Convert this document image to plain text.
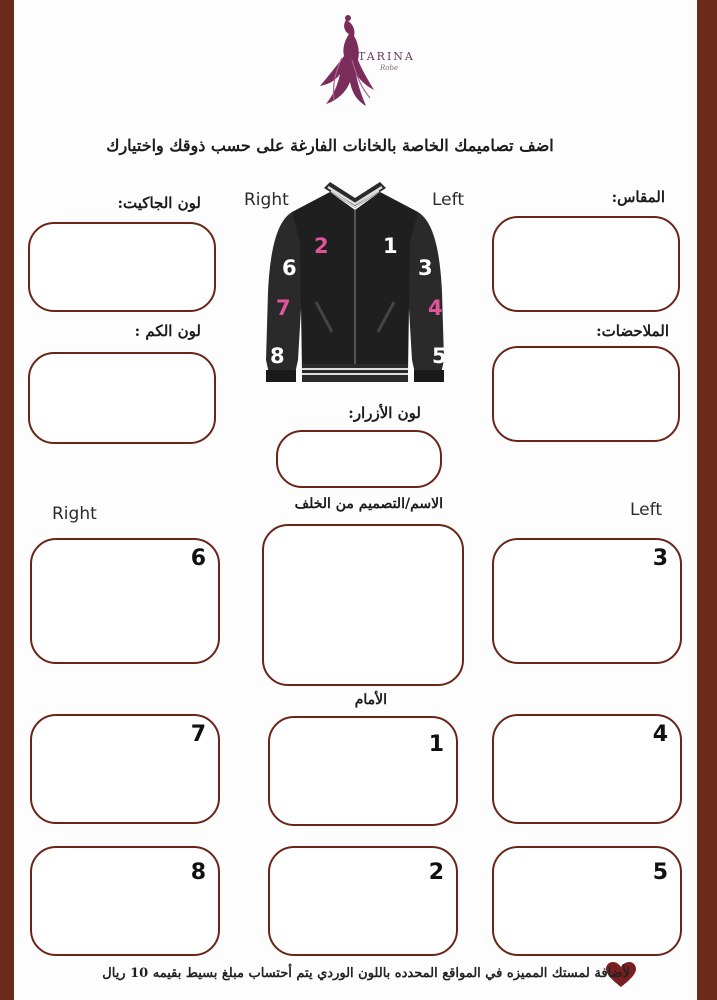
TARINA
Robe
اضف تصاميمك الخاصة بالخانات الفارغة على حسب ذوقك واختيارك
المقاس:
لون الجاكيت:	Right	Left
لون الكم :	الملاحضات:
لون الأزرار:
1
2
3
4
5
6
7
8
الاسم/التصميم من الخلف
Right	Left
6	3
الأمام
7	1	4
8	2	5
لأضافة لمستك المميزه في المواقع المحدده باللون الوردي يتم أحتساب مبلغ بسيط بقيمه 10 ريال
